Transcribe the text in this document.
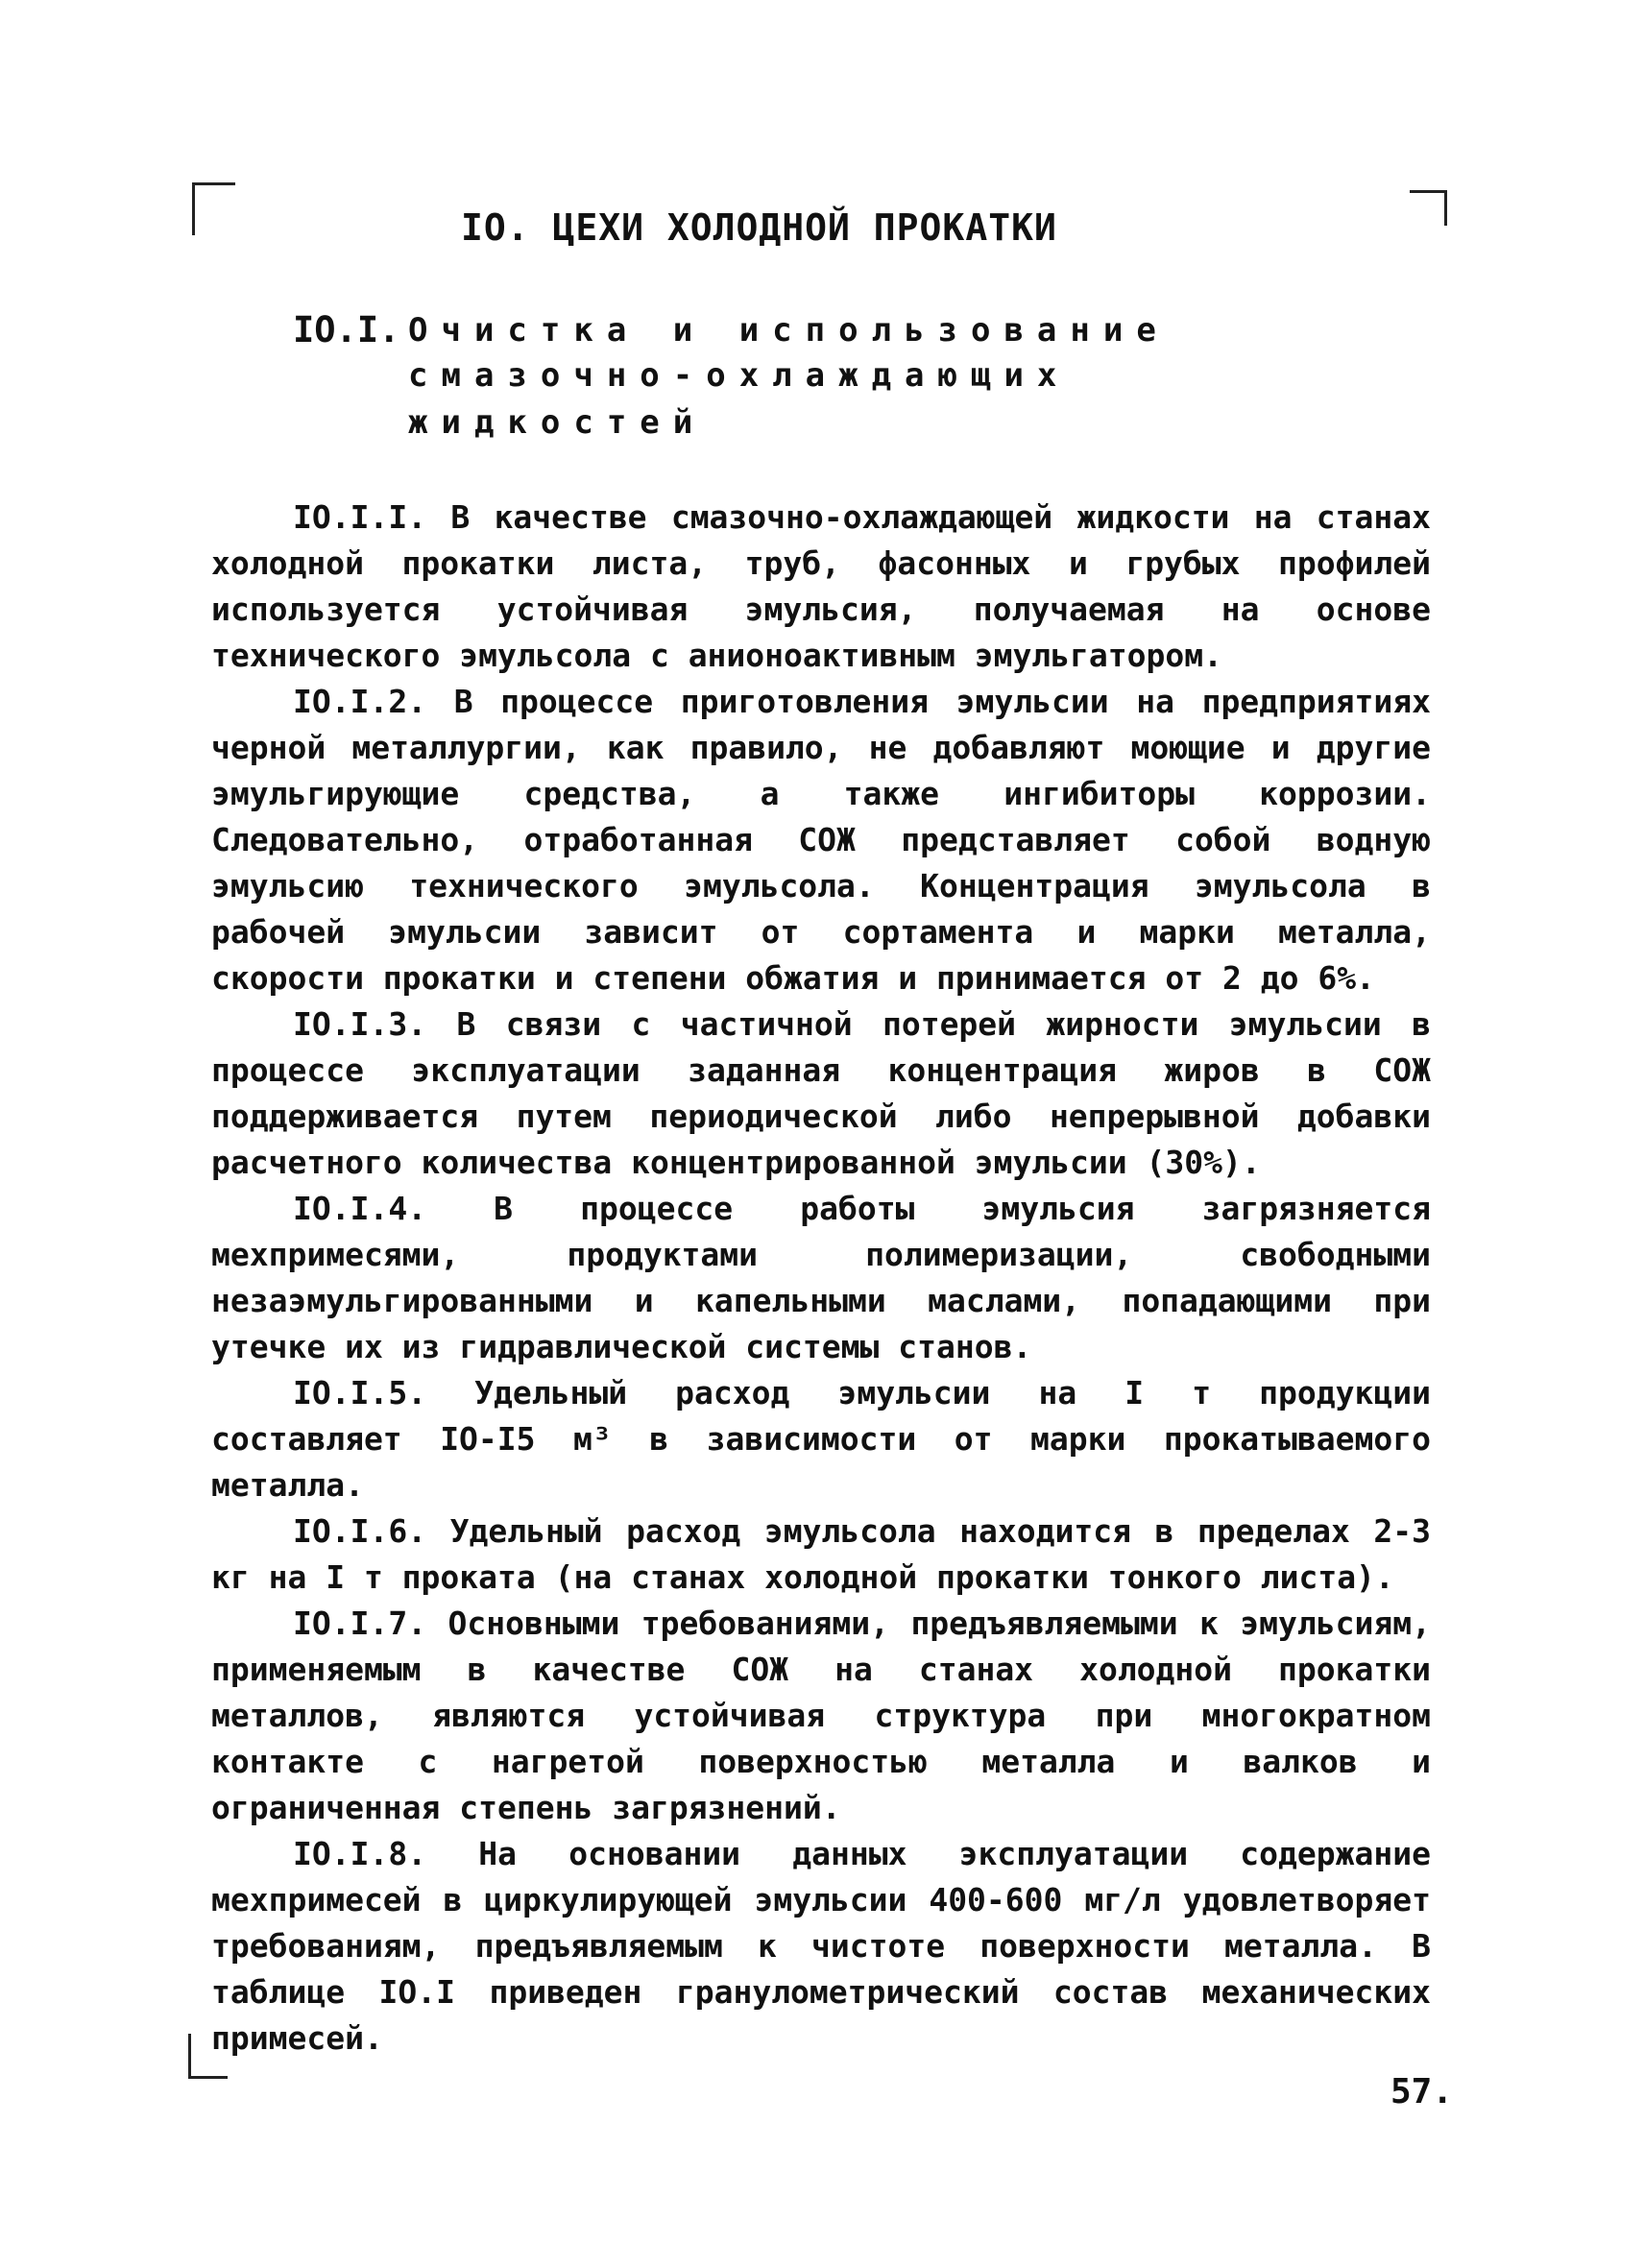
IO. ЦЕХИ ХОЛОДНОЙ ПРОКАТКИ
IO.I. Очистка и использование
смазочно-охлаждающих
жидкостей

IO.I.I. В качестве смазочно-охлаждающей жидкости на станах холодной прокатки листа, труб, фасонных и грубых профилей используется устойчивая эмульсия, получаемая на основе технического эмульсола с анионоактивным эмульгатором.

IO.I.2. В процессе приготовления эмульсии на предприятиях черной металлургии, как правило, не добавляют моющие и другие эмульгирующие средства, а также ингибиторы коррозии. Следовательно, отработанная СОЖ представляет собой водную эмульсию технического эмульсола. Концентрация эмульсола в рабочей эмульсии зависит от сортамента и марки металла, скорости прокатки и степени обжатия и принимается от 2 до 6%.

IO.I.3. В связи с частичной потерей жирности эмульсии в процессе эксплуатации заданная концентрация жиров в СОЖ поддерживается путем периодической либо непрерывной добавки расчетного количества концентрированной эмульсии (30%).

IO.I.4. В процессе работы эмульсия загрязняется мехпримесями, продуктами полимеризации, свободными незаэмульгированными и капельными маслами, попадающими при утечке их из гидравлической системы станов.

IO.I.5. Удельный расход эмульсии на I т продукции составляет IO-I5 м³ в зависимости от марки прокатываемого металла.

IO.I.6. Удельный расход эмульсола находится в пределах 2-3 кг на I т проката (на станах холодной прокатки тонкого листа).

IO.I.7. Основными требованиями, предъявляемыми к эмульсиям, применяемым в качестве СОЖ на станах холодной прокатки металлов, являются устойчивая структура при многократном контакте с нагретой поверхностью металла и валков и ограниченная степень загрязнений.

IO.I.8. На основании данных эксплуатации содержание мехпримесей в циркулирующей эмульсии 400-600 мг/л удовлетворяет требованиям, предъявляемым к чистоте поверхности металла. В таблице IO.I приведен гранулометрический состав механических примесей.

57.
